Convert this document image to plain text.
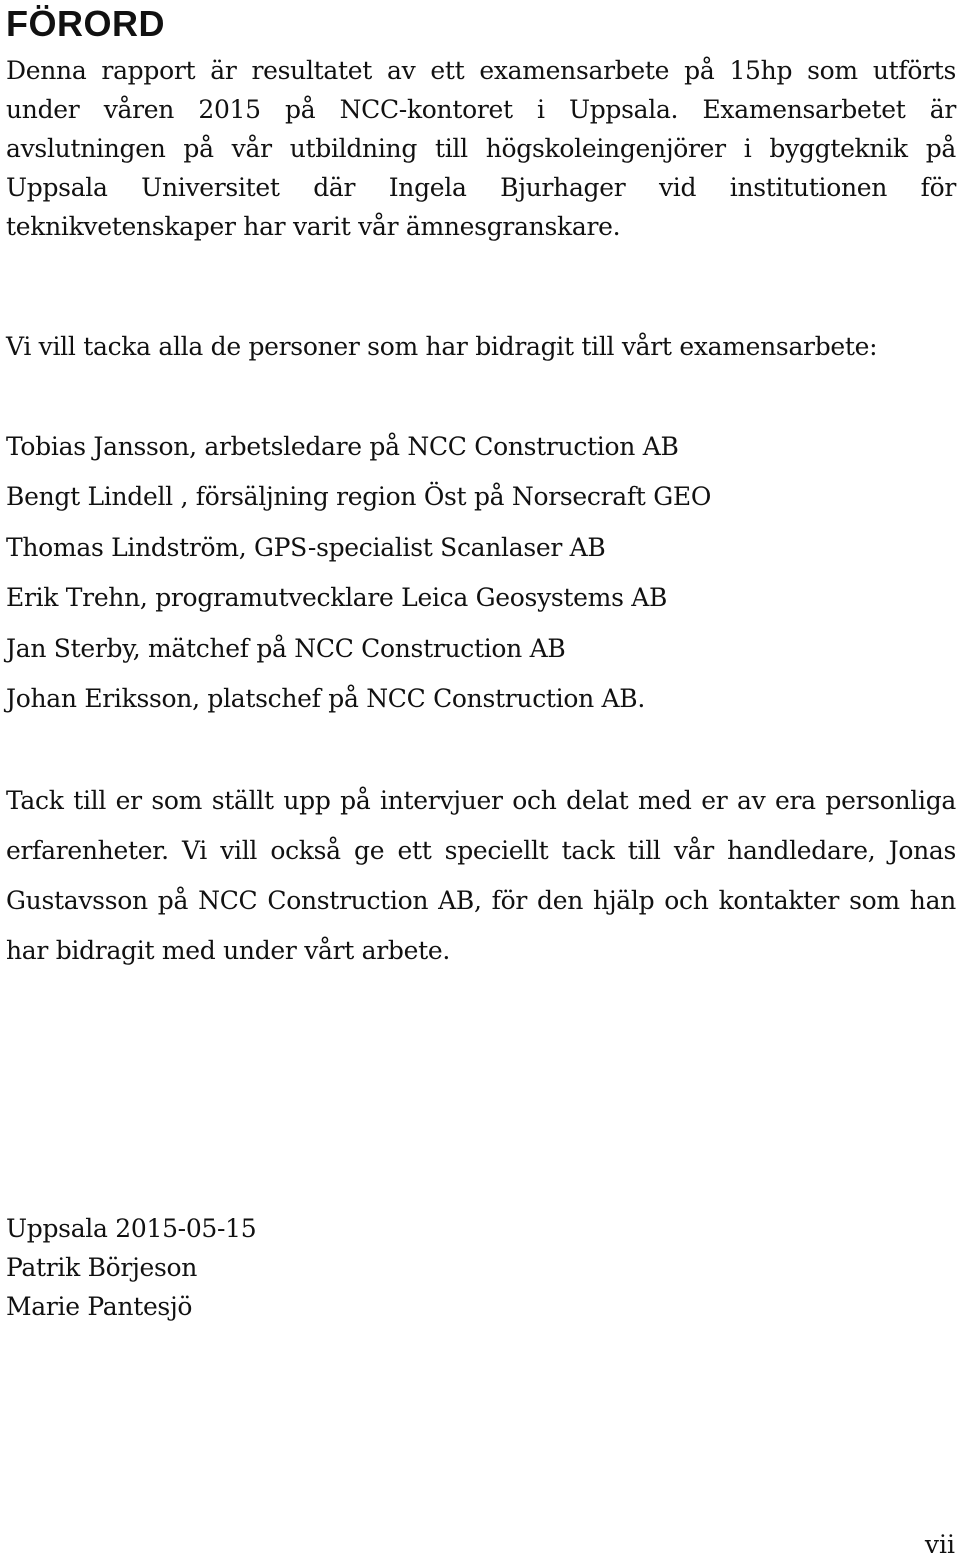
FÖRORD

Denna rapport är resultatet av ett examensarbete på 15hp som utförts under våren 2015 på NCC-kontoret i Uppsala. Examensarbetet är avslutningen på vår utbildning till högskoleingenjörer i byggteknik på Uppsala Universitet där Ingela Bjurhager vid institutionen för teknikvetenskaper har varit vår ämnesgranskare.

Vi vill tacka alla de personer som har bidragit till vårt examensarbete:

Tobias Jansson, arbetsledare på NCC Construction AB
Bengt Lindell , försäljning region Öst på Norsecraft GEO
Thomas Lindström, GPS-specialist Scanlaser AB
Erik Trehn, programutvecklare Leica Geosystems AB
Jan Sterby, mätchef på NCC Construction AB
Johan Eriksson, platschef på NCC Construction AB.

Tack till er som ställt upp på intervjuer och delat med er av era personliga erfarenheter. Vi vill också ge ett speciellt tack till vår handledare, Jonas Gustavsson på NCC Construction AB, för den hjälp och kontakter som han har bidragit med under vårt arbete.

Uppsala 2015-05-15
Patrik Börjeson
Marie Pantesjö
vii
